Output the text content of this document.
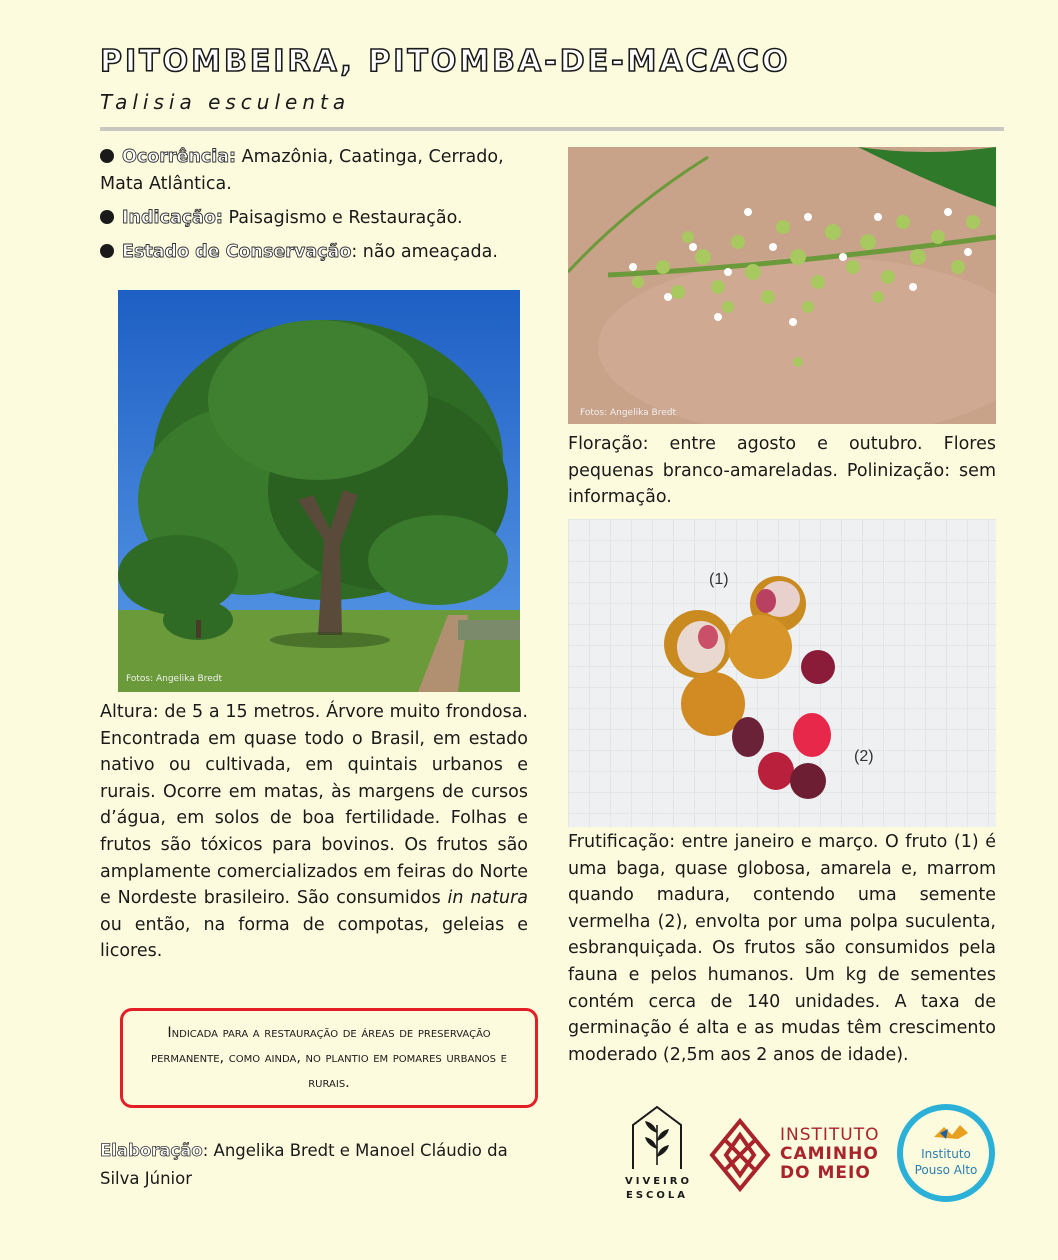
PITOMBEIRA, PITOMBA-DE-MACACO
Talisia esculenta

Ocorrência: Amazônia, Caatinga, Cerrado, Mata Atlântica.

Indicação: Paisagismo e Restauração.

Estado de Conservação: não ameaçada.

Fotos: Angelika Bredt
Fotos: Angelika Bredt
(1)
(2)
Fotos: Angelika Bredt
Altura: de 5 a 15 metros. Árvore muito frondosa. Encontrada em quase todo o Brasil, em estado nativo ou cultivada, em quintais urbanos e rurais. Ocorre em matas, às margens de cursos d’água, em solos de boa fertilidade. Folhas e frutos são tóxicos para bovinos. Os frutos são amplamente comercializados em feiras do Norte e Nordeste brasileiro. São consumidos in natura ou então, na forma de compotas, geleias e licores.
Floração: entre agosto e outubro. Flores pequenas branco-amareladas. Polinização: sem informação.
Frutificação: entre janeiro e março. O fruto (1) é uma baga, quase globosa, amarela e, marrom quando madura, contendo uma semente vermelha (2), envolta por uma polpa suculenta, esbranquiçada. Os frutos são consumidos pela fauna e pelos humanos. Um kg de sementes contém cerca de 140 unidades. A taxa de germinação é alta e as mudas têm crescimento moderado (2,5m aos 2 anos de idade).
Indicada para a restauração de áreas de preservação permanente, como ainda, no plantio em pomares urbanos e rurais.
Elaboração: Angelika Bredt e Manoel Cláudio da Silva Júnior	VIVEIRO
ESCOLA
INSTITUTO
CAMINHO
DO MEIO
Instituto
Pouso Alto
